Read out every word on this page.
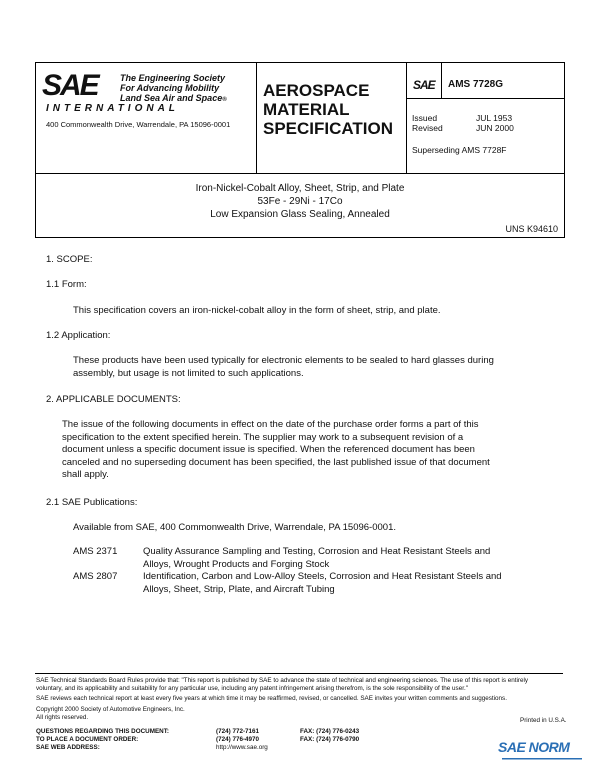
SAE The Engineering Society
For Advancing Mobility
Land Sea Air and Space®
INTERNATIONAL
400 Commonwealth Drive, Warrendale, PA 15096-0001
AEROSPACE
MATERIAL
SPECIFICATION
SAE AMS 7728G
Issued	JUL 1953
Revised	JUN 2000
Superseding AMS 7728F
Iron-Nickel-Cobalt Alloy, Sheet, Strip, and Plate
53Fe - 29Ni - 17Co
Low Expansion Glass Sealing, Annealed
UNS K94610
1. SCOPE:
1.1 Form:
This specification covers an iron-nickel-cobalt alloy in the form of sheet, strip, and plate.
1.2 Application:
These products have been used typically for electronic elements to be sealed to hard glasses during
assembly, but usage is not limited to such applications.
2. APPLICABLE DOCUMENTS:
The issue of the following documents in effect on the date of the purchase order forms a part of this
specification to the extent specified herein. The supplier may work to a subsequent revision of a
document unless a specific document issue is specified. When the referenced document has been
canceled and no superseding document has been specified, the last published issue of that document
shall apply.
2.1 SAE Publications:
Available from SAE, 400 Commonwealth Drive, Warrendale, PA 15096-0001.
AMS 2371	Quality Assurance Sampling and Testing, Corrosion and Heat Resistant Steels and
Alloys, Wrought Products and Forging Stock
AMS 2807	Identification, Carbon and Low-Alloy Steels, Corrosion and Heat Resistant Steels and
Alloys, Sheet, Strip, Plate, and Aircraft Tubing
SAE Technical Standards Board Rules provide that: "This report is published by SAE to advance the state of technical and engineering sciences. The use of this report is entirely
voluntary, and its applicability and suitability for any particular use, including any patent infringement arising therefrom, is the sole responsibility of the user."
SAE reviews each technical report at least every five years at which time it may be reaffirmed, revised, or cancelled. SAE invites your written comments and suggestions.
Copyright 2000 Society of Automotive Engineers, Inc.
All rights reserved.	Printed in U.S.A.
QUESTIONS REGARDING THIS DOCUMENT:	(724) 772-7161	FAX: (724) 776-0243
TO PLACE A DOCUMENT ORDER:	(724) 776-4970	FAX: (724) 776-0790
SAE WEB ADDRESS:	http://www.sae.org	SAE NORM
